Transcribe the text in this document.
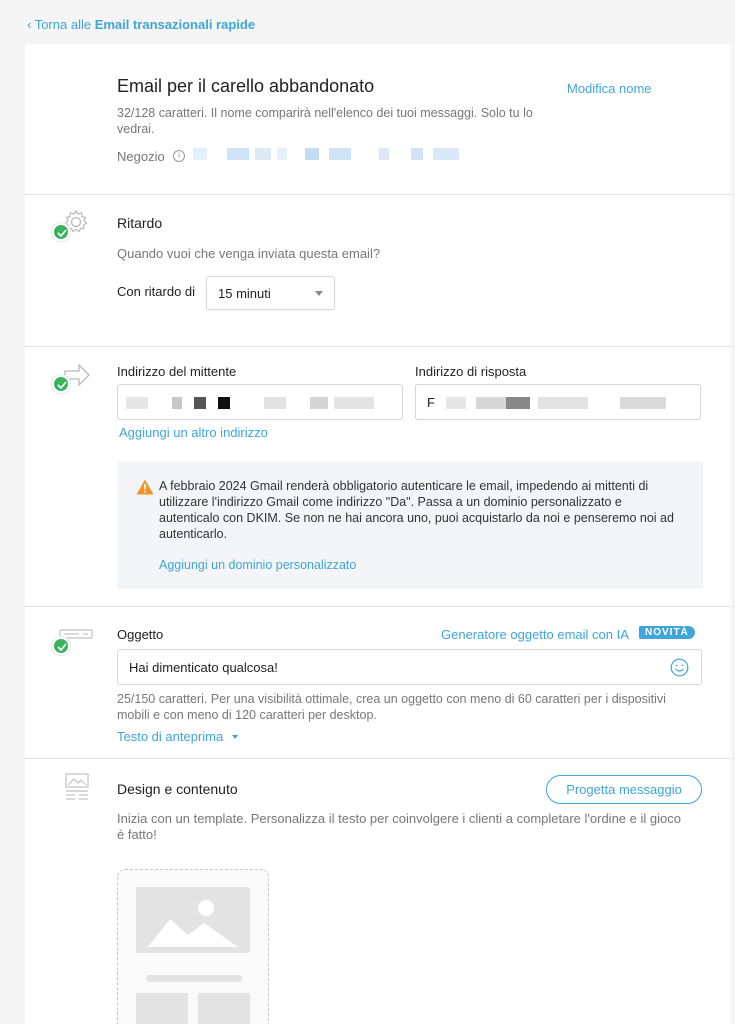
‹ Torna alle Email transazionali rapide
Email per il carello abbandonato	Modifica nome
32/128 caratteri. Il nome comparirà nell'elenco dei tuoi messaggi. Solo tu lo vedrai.
Negozio	i
Ritardo
Quando vuoi che venga inviata questa email?
Con ritardo di 15 minuti
Indirizzo del mittente	Indirizzo di risposta
F
Aggiungi un altro indirizzo
A febbraio 2024 Gmail renderà obbligatorio autenticare le email, impedendo ai mittenti di utilizzare l'indirizzo Gmail come indirizzo "Da". Passa a un dominio personalizzato e autenticalo con DKIM. Se non ne hai ancora uno, puoi acquistarlo da noi e penseremo noi ad autenticarlo.
Aggiungi un dominio personalizzato
Oggetto	Generatore oggetto email con IA	NOVITÀ
Hai dimenticato qualcosa!
25/150 caratteri. Per una visibilità ottimale, crea un oggetto con meno di 60 caratteri per i dispositivi mobili e con meno di 120 caratteri per desktop.
Testo di anteprima
Design e contenuto	Progetta messaggio
Inizia con un template. Personalizza il testo per coinvolgere i clienti a completare l'ordine e il gioco è fatto!
